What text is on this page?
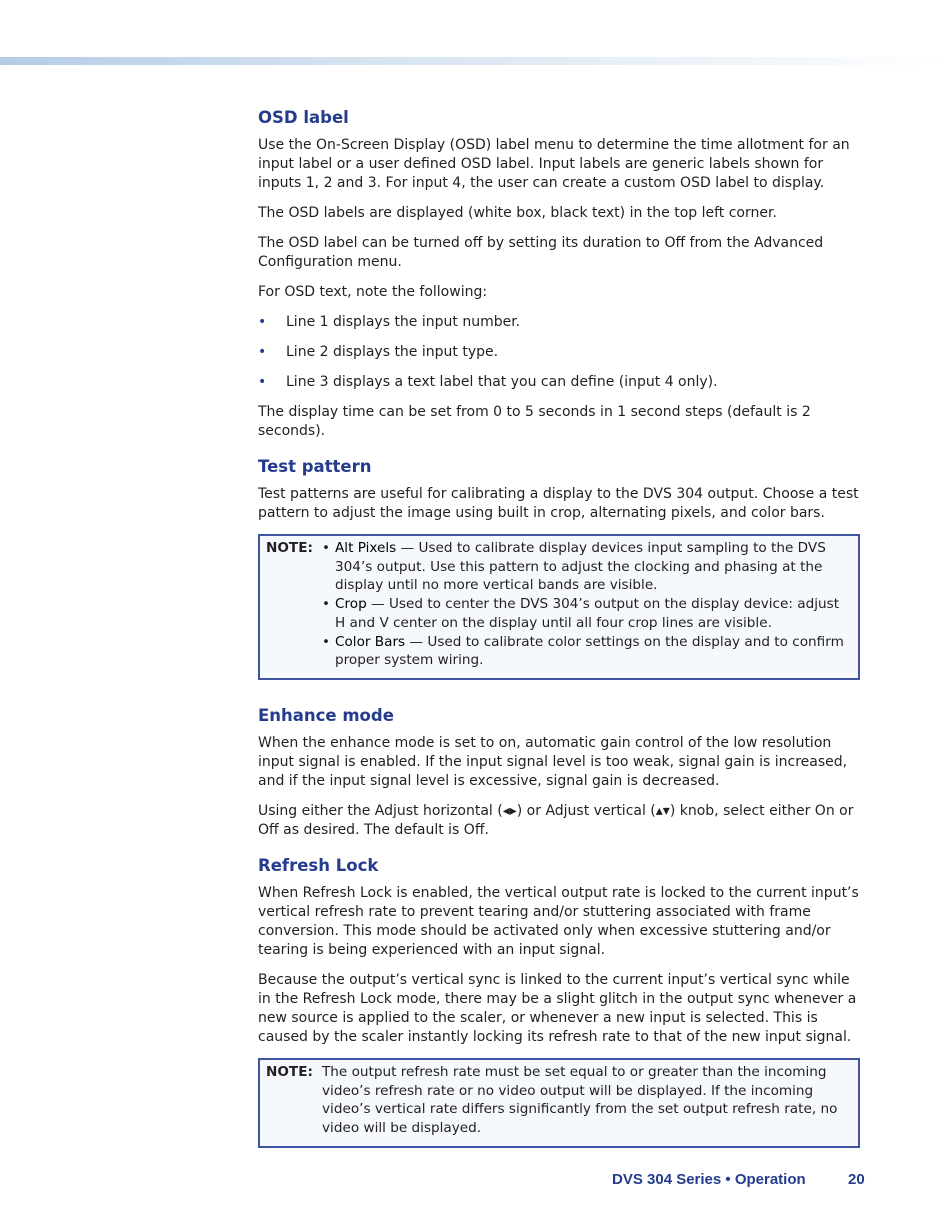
OSD label

Use the On-Screen Display (OSD) label menu to determine the time allotment for an input label or a user defined OSD label. Input labels are generic labels shown for inputs 1, 2 and 3. For input 4, the user can create a custom OSD label to display.

The OSD labels are displayed (white box, black text) in the top left corner.

The OSD label can be turned off by setting its duration to Off from the Advanced Configuration menu.

For OSD text, note the following:

•	Line 1 displays the input number.
•	Line 2 displays the input type.
•	Line 3 displays a text label that you can define (input 4 only).

The display time can be set from 0 to 5 seconds in 1 second steps (default is 2 seconds).

Test pattern

Test patterns are useful for calibrating a display to the DVS 304 output. Choose a test pattern to adjust the image using built in crop, alternating pixels, and color bars.

NOTE: • Alt Pixels — Used to calibrate display devices input sampling to the DVS 304’s output. Use this pattern to adjust the clocking and phasing at the display until no more vertical bands are visible.
• Crop — Used to center the DVS 304’s output on the display device: adjust H and V center on the display until all four crop lines are visible.
• Color Bars — Used to calibrate color settings on the display and to confirm proper system wiring.
Enhance mode

When the enhance mode is set to on, automatic gain control of the low resolution input signal is enabled. If the input signal level is too weak, signal gain is increased, and if the input signal level is excessive, signal gain is decreased.

Using either the Adjust horizontal (◂▸) or Adjust vertical (▴▾) knob, select either On or Off as desired. The default is Off.

Refresh Lock

When Refresh Lock is enabled, the vertical output rate is locked to the current input’s vertical refresh rate to prevent tearing and/or stuttering associated with frame conversion. This mode should be activated only when excessive stuttering and/or tearing is being experienced with an input signal.

Because the output’s vertical sync is linked to the current input’s vertical sync while in the Refresh Lock mode, there may be a slight glitch in the output sync whenever a new source is applied to the scaler, or whenever a new input is selected. This is caused by the scaler instantly locking its refresh rate to that of the new input signal.

NOTE: The output refresh rate must be set equal to or greater than the incoming video’s refresh rate or no video output will be displayed. If the incoming video’s vertical rate differs significantly from the set output refresh rate, no video will be displayed.
DVS 304 Series • Operation	20
